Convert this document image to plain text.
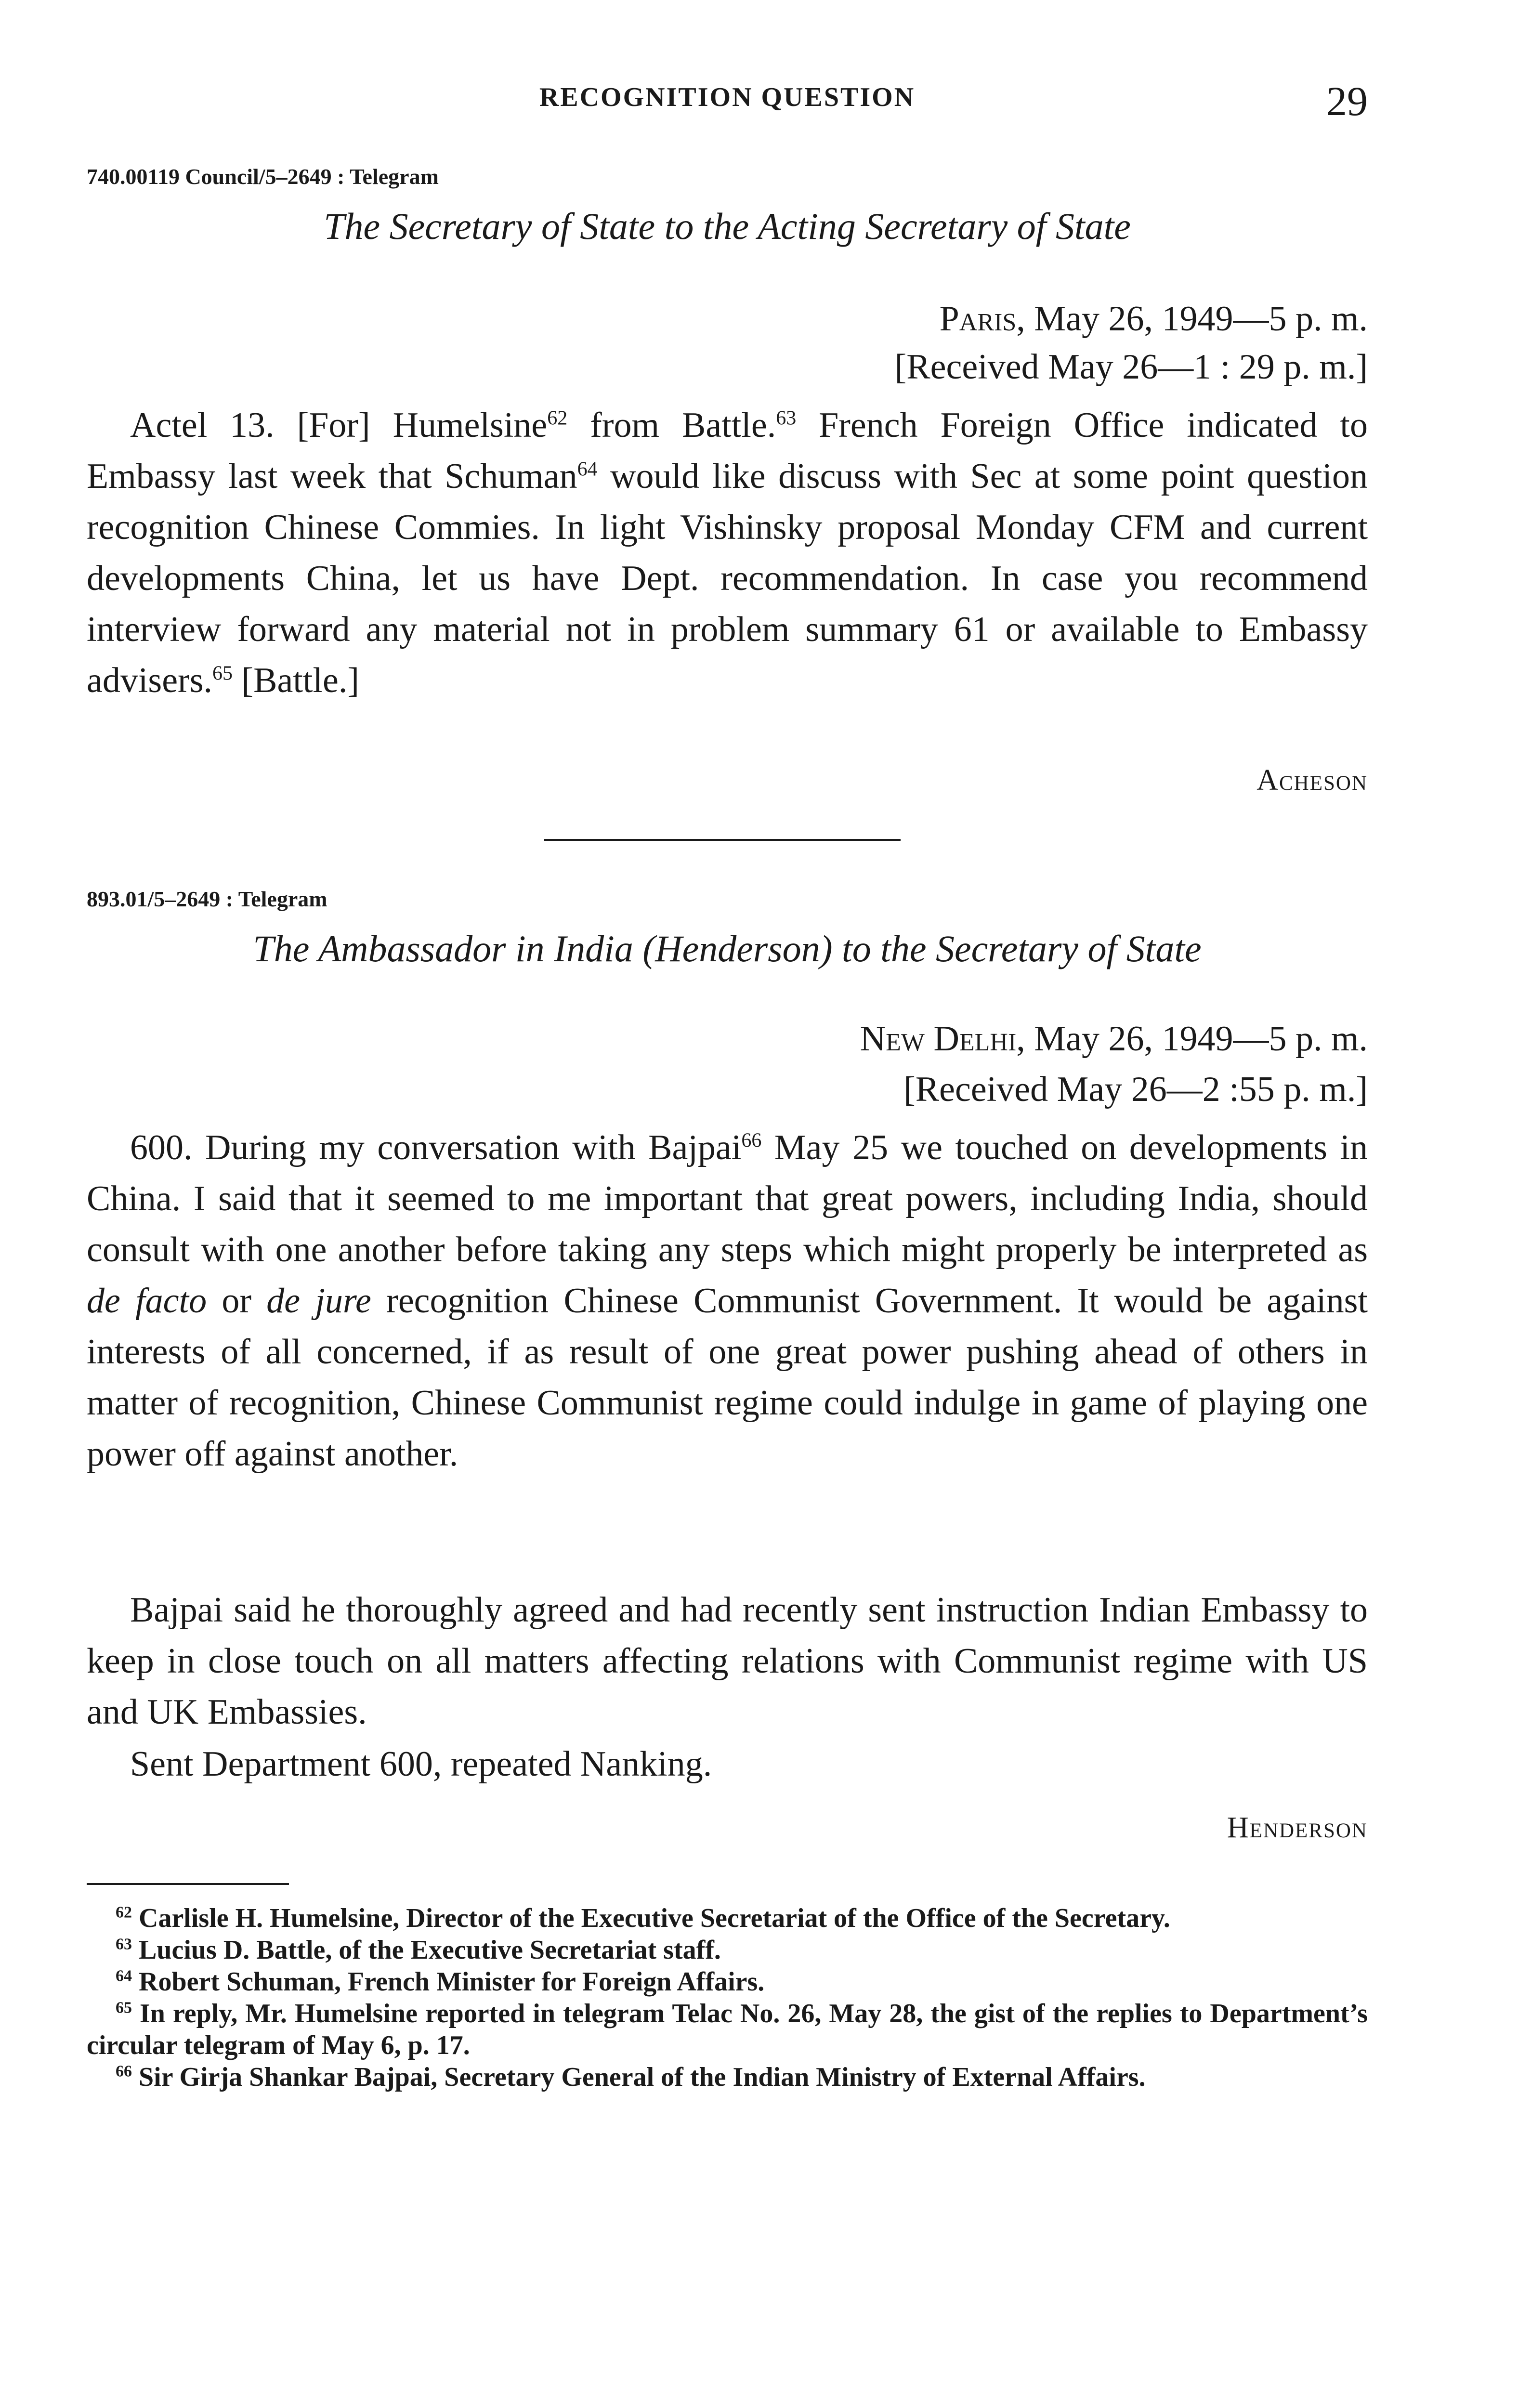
RECOGNITION QUESTION	29
740.00119 Council/5–2649 : Telegram
The Secretary of State to the Acting Secretary of State
Paris, May 26, 1949—5 p. m.
[Received May 26—1 : 29 p. m.]

Actel 13. [For] Humelsine$^{62}$ from Battle.$^{63}$ French Foreign Office indicated to Embassy last week that Schuman$^{64}$ would like discuss with Sec at some point question recognition Chinese Commies. In light Vishinsky proposal Monday CFM and current developments China, let us have Dept. recommendation. In case you recommend interview forward any material not in problem summary 61 or available to Embassy advisers.$^{65}$ [Battle.]

Acheson
893.01/5–2649 : Telegram
The Ambassador in India (Henderson) to the Secretary of State
New Delhi, May 26, 1949—5 p. m.
[Received May 26—2 :55 p. m.]

600. During my conversation with Bajpai$^{66}$ May 25 we touched on developments in China. I said that it seemed to me important that great powers, including India, should consult with one another before taking any steps which might properly be interpreted as de facto or de jure recognition Chinese Communist Government. It would be against interests of all concerned, if as result of one great power pushing ahead of others in matter of recognition, Chinese Communist regime could indulge in game of playing one power off against another.

Bajpai said he thoroughly agreed and had recently sent instruction Indian Embassy to keep in close touch on all matters affecting relations with Communist regime with US and UK Embassies.

Sent Department 600, repeated Nanking.

Henderson

$^{62}$ Carlisle H. Humelsine, Director of the Executive Secretariat of the Office of the Secretary.

$^{63}$ Lucius D. Battle, of the Executive Secretariat staff.

$^{64}$ Robert Schuman, French Minister for Foreign Affairs.

$^{65}$ In reply, Mr. Humelsine reported in telegram Telac No. 26, May 28, the gist of the replies to Department’s circular telegram of May 6, p. 17.

$^{66}$ Sir Girja Shankar Bajpai, Secretary General of the Indian Ministry of External Affairs.
